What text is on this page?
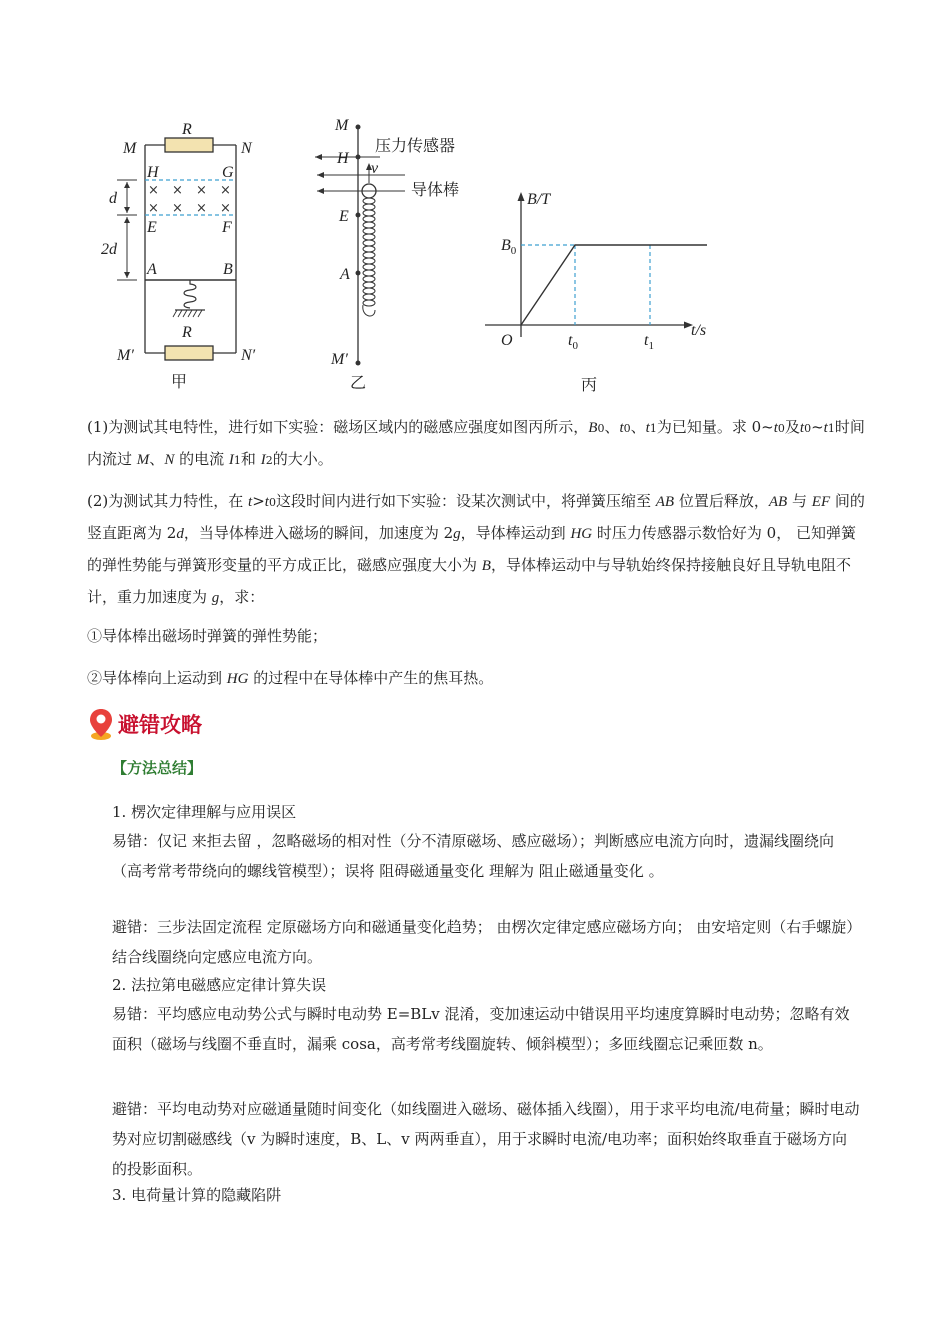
× × × ×
× × × ×
R
M	N
H	G
d
2d
E	F
A	B
R
M′	N′
甲
M
H
v
E
A
M′
压力传感器
导体棒
乙
B/T
t/s
O
$B_0$
$t_0$	$t_1$
丙

(1)为测试其电特性，进行如下实验：磁场区域内的磁感应强度如图丙所示，B0、t0、t1为已知量。求 0~t0及t0~t1时间内流过 M、N 的电流 I1和 I2的大小。

(2)为测试其力特性，在 t>t0这段时间内进行如下实验：设某次测试中，将弹簧压缩至 AB 位置后释放，AB 与 EF 间的竖直距离为 2d，当导体棒进入磁场的瞬间，加速度为 2g，导体棒运动到 HG 时压力传感器示数恰好为 0， 已知弹簧的弹性势能与弹簧形变量的平方成正比，磁感应强度大小为 B，导体棒运动中与导轨始终保持接触良好且导轨电阻不计，重力加速度为 g，求：

①导体棒出磁场时弹簧的弹性势能；

②导体棒向上运动到 HG 的过程中在导体棒中产生的焦耳热。

避错攻略
【方法总结】

1. 楞次定律理解与应用误区

易错：仅记 来拒去留 ，忽略磁场的相对性（分不清原磁场、感应磁场）；判断感应电流方向时，遗漏线圈绕向（高考常考带绕向的螺线管模型）；误将 阻碍磁通量变化 理解为 阻止磁通量变化 。

避错：三步法固定流程 定原磁场方向和磁通量变化趋势； 由楞次定律定感应磁场方向； 由安培定则（右手螺旋）结合线圈绕向定感应电流方向。

2. 法拉第电磁感应定律计算失误

易错：平均感应电动势公式与瞬时电动势 E=BLv 混淆，变加速运动中错误用平均速度算瞬时电动势；忽略有效面积（磁场与线圈不垂直时，漏乘 cosa，高考常考线圈旋转、倾斜模型）；多匝线圈忘记乘匝数 n。

避错：平均电动势对应磁通量随时间变化（如线圈进入磁场、磁体插入线圈），用于求平均电流/电荷量；瞬时电动势对应切割磁感线（v 为瞬时速度，B、L、v 两两垂直），用于求瞬时电流/电功率；面积始终取垂直于磁场方向的投影面积。

3. 电荷量计算的隐藏陷阱
